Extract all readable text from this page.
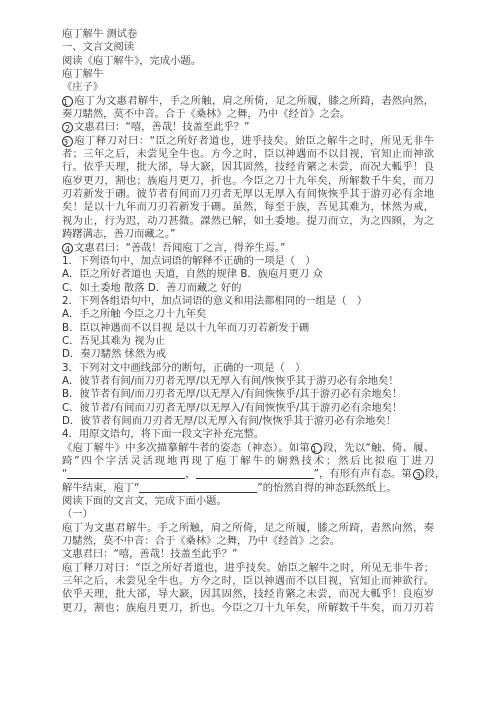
庖丁解牛 测试卷
一、文言文阅读
阅读《庖丁解牛》，完成小题。
庖丁解牛
《庄子》
1 庖丁为文惠君解牛，手之所触，肩之所倚，足之所履，膝之所踦，砉然向然，
奏刀騞然，莫不中音。合于《桑林》之舞，乃中《经首》之会。
2 文惠君曰：“嘻，善哉！技盖至此乎？”
3 庖丁释刀对曰：“臣之所好者道也，进乎技矣。始臣之解牛之时，所见无非牛
者；三年之后，未尝见全牛也。方今之时，臣以神遇而不以目视，官知止而神欲
行。依乎天理，批大郤，导大窾，因其固然，技经肯綮之未尝，而况大軱乎！良
庖岁更刀，割也；族庖月更刀，折也。今臣之刀十九年矣，所解数千牛矣，而刀
刃若新发于硎。彼节者有间而刀刃者无厚以无厚入有间恢恢乎其于游刃必有余地
矣！是以十九年而刀刃若新发于硎。虽然，每至于族，吾见其难为，怵然为戒，
视为止，行为迟，动刀甚微。謋然已解，如土委地。提刀而立，为之四顾，为之
踌躇满志，善刀而藏之。”
4 文惠君曰：“善哉！吾闻庖丁之言，得养生焉。”
1．下列语句中，加点词语的解释不正确的一项是（　）
A．臣之所好者道也 天道，自然的规律 B．族庖月更刀 众
C．如土委地 散落 D．善刀而藏之 好的
2．下列各组语句中，加点词语的意义和用法都相同的一组是（　）
A．手之所触 今臣之刀十九年矣
B．臣以神遇而不以目视 是以十九年而刀刃若新发于硎
C．吾见其难为 视为止
D．奏刀騞然 怵然为戒
3．下列对文中画线部分的断句，正确的一项是（　）
A．彼节者有间/而刀刃者无厚/以无厚入有间/恢恢乎其于游刃必有余地矣！
B．彼节者有间/而刀刃者无厚/以无厚入/有间恢恢乎/其于游刃必有余地矣！
C．彼节者/有间而刀刃者无厚/以无厚入/有间恢恢乎/其于游刃必有余地矣！
D．彼节者有间而刀刃者无厚/以无厚入有间/恢恢乎其于游刃必有余地矣！
4．用原文语句，将下面一段文字补充完整。
《庖丁解牛》中多次描摹解牛者的姿态（神态）。如第 1 段，先以“触、倚、履、
踦”四个字活灵活现地再现了庖丁解牛的娴熟技术；然后比拟庖丁进刀
“	，	”，有形有声有态。第 3 段，
解牛结束，庖丁“	”的怡然自得的神态跃然纸上。
阅读下面的文言文，完成下面小题。
（一）
庖丁为文惠君解牛。手之所触，肩之所倚，足之所履，膝之所踦，砉然向然，奏
刀騞然，莫不中音：合于《桑林》之舞，乃中《经首》之会。
文惠君曰：“嘻，善哉！技盖至此乎？”
庖丁释刀对曰：“臣之所好者道也，进乎技矣。始臣之解牛之时，所见无非牛者；
三年之后，未尝见全牛也。方今之时，臣以神遇而不以目视，官知止而神欲行。
依乎天理，批大郤，导大窾，因其固然，技经肯綮之未尝，而况大軱乎！良庖岁
更刀，割也；族庖月更刀，折也。今臣之刀十九年矣，所解数千牛矣，而刀刃若
